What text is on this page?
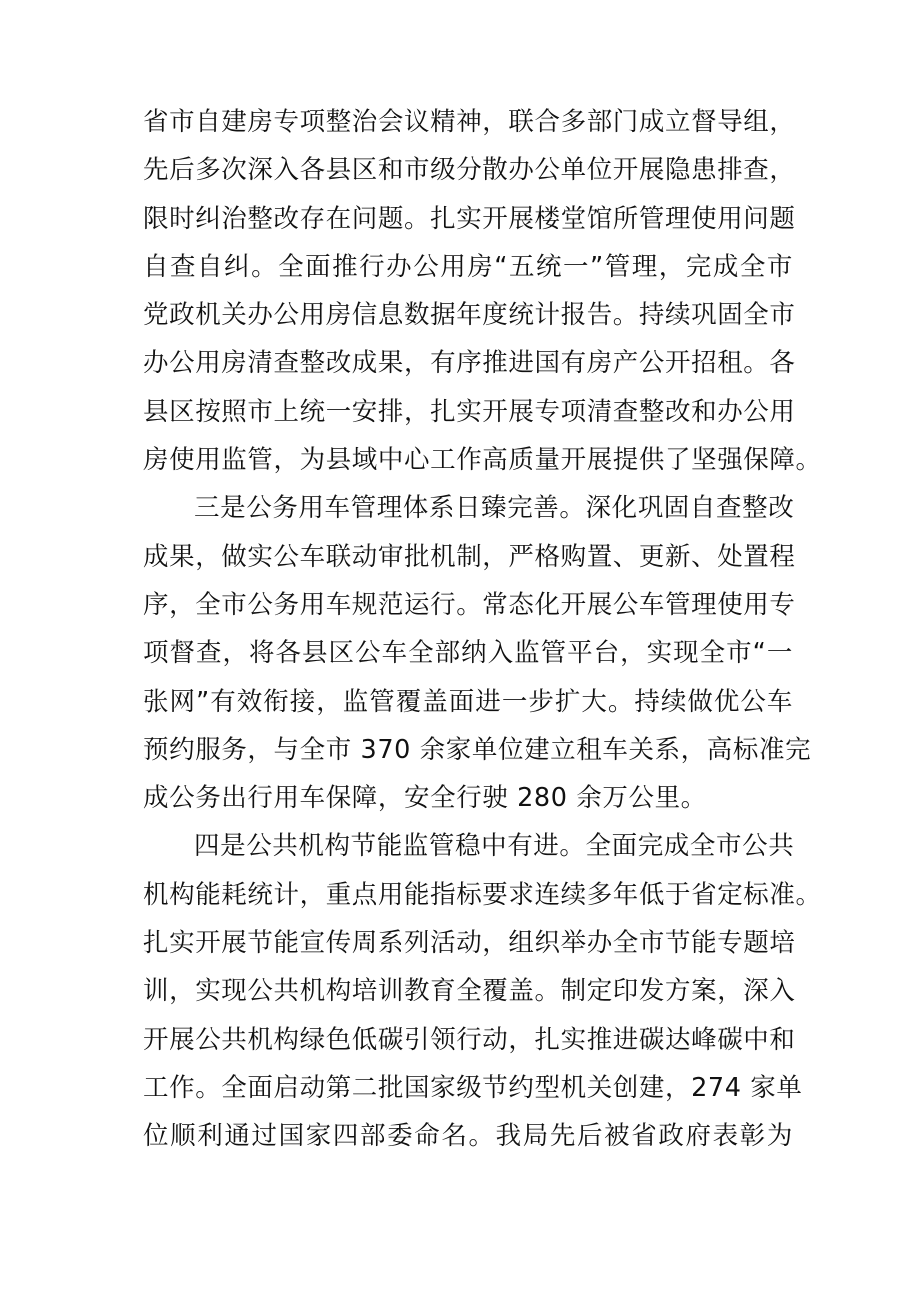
省市自建房专项整治会议精神，联合多部门成立督导组，
先后多次深入各县区和市级分散办公单位开展隐患排查，
限时纠治整改存在问题。扎实开展楼堂馆所管理使用问题
自查自纠。全面推行办公用房“五统一”管理，完成全市
党政机关办公用房信息数据年度统计报告。持续巩固全市
办公用房清查整改成果，有序推进国有房产公开招租。各
县区按照市上统一安排，扎实开展专项清查整改和办公用
房使用监管，为县域中心工作高质量开展提供了坚强保障。
三是公务用车管理体系日臻完善。深化巩固自查整改
成果，做实公车联动审批机制，严格购置、更新、处置程
序，全市公务用车规范运行。常态化开展公车管理使用专
项督查，将各县区公车全部纳入监管平台，实现全市“一
张网”有效衔接，监管覆盖面进一步扩大。持续做优公车
预约服务，与全市 370 余家单位建立租车关系，高标准完
成公务出行用车保障，安全行驶 280 余万公里。
四是公共机构节能监管稳中有进。全面完成全市公共
机构能耗统计，重点用能指标要求连续多年低于省定标准。
扎实开展节能宣传周系列活动，组织举办全市节能专题培
训，实现公共机构培训教育全覆盖。制定印发方案，深入
开展公共机构绿色低碳引领行动，扎实推进碳达峰碳中和
工作。全面启动第二批国家级节约型机关创建，274 家单
位顺利通过国家四部委命名。我局先后被省政府表彰为
